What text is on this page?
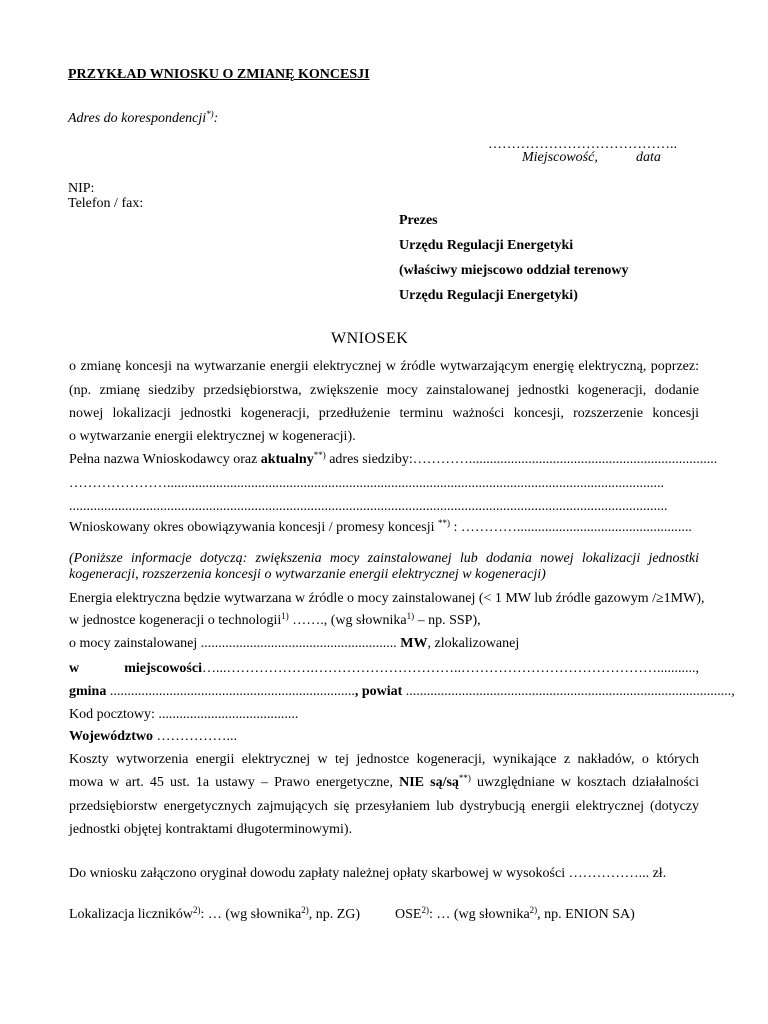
PRZYKŁAD WNIOSKU O ZMIANĘ KONCESJI
Adres do korespondencji*):
…………………………………..
Miejscowość,	data
NIP:
Telefon / fax:
Prezes
Urzędu Regulacji Energetyki
(właściwy miejscowo oddział terenowy
Urzędu Regulacji Energetyki)
WNIOSEK
o zmianę koncesji na wytwarzanie energii elektrycznej w źródle wytwarzającym energię elektryczną, poprzez:
(np. zmianę siedziby przedsiębiorstwa, zwiększenie mocy zainstalowanej jednostki kogeneracji, dodanie
nowej lokalizacji jednostki kogeneracji, przedłużenie terminu ważności koncesji, rozszerzenie koncesji
o wytwarzanie energii elektrycznej w kogeneracji).
Pełna nazwa Wnioskodawcy oraz aktualny**) adres siedziby:………….......................................................................
…………………..............................................................................................................................................
...........................................................................................................................................................................
Wnioskowany okres obowiązywania koncesji / promesy koncesji **) : …………..................................................
(Poniższe informacje dotyczą: zwiększenia mocy zainstalowanej lub dodania nowej lokalizacji jednostki
kogeneracji, rozszerzenia koncesji o wytwarzanie energii elektrycznej w kogeneracji)
Energia elektryczna będzie wytwarzana w źródle o mocy zainstalowanej (< 1 MW lub źródle gazowym /≥1MW),
w jednostce kogeneracji o technologii$^{1)}$ ……., (wg słownika$^{1)}$ – np. SSP),
o mocy zainstalowanej ........................................................ MW, zlokalizowanej
w miejscowości…...……………….…………………………..……………………………………...........,
gmina ......................................................................, powiat .............................................................................................,
Kod pocztowy: ........................................
Województwo ……………...
Koszty wytworzenia energii elektrycznej w tej jednostce kogeneracji, wynikające z nakładów, o których
mowa w art. 45 ust. 1a ustawy – Prawo energetyczne, NIE są/są**) uwzględniane w kosztach działalności
przedsiębiorstw energetycznych zajmujących się przesyłaniem lub dystrybucją energii elektrycznej (dotyczy
jednostki objętej kontraktami długoterminowymi).
Do wniosku załączono oryginał dowodu zapłaty należnej opłaty skarbowej w wysokości ……………... zł.
Lokalizacja liczników$^{2)}$: … (wg słownika$^{2)}$, np. ZG) OSE$^{2)}$: … (wg słownika$^{2)}$, np. ENION SA)
